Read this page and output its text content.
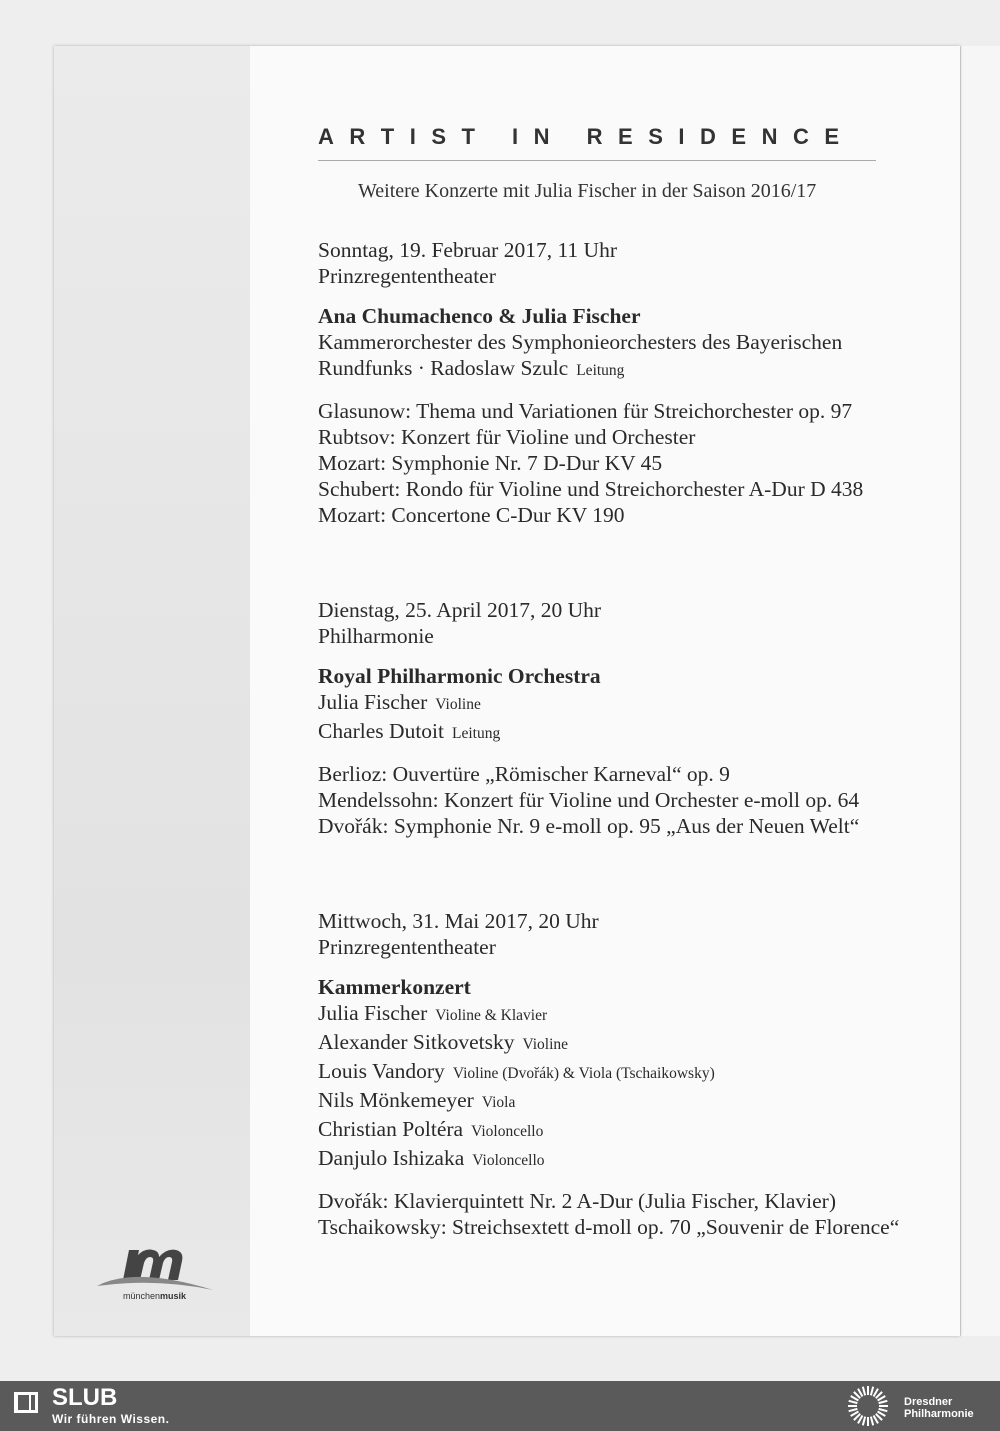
ARTIST IN RESIDENCE
Weitere Konzerte mit Julia Fischer in der Saison 2016/17

Sonntag, 19. Februar 2017, 11 Uhr

Prinzregententheater

Ana Chumachenco & Julia Fischer

Kammerorchester des Symphonieorchesters des Bayerischen

Rundfunks · Radoslaw Szulc Leitung

Glasunow: Thema und Variationen für Streichorchester op. 97

Rubtsov: Konzert für Violine und Orchester

Mozart: Symphonie Nr. 7 D-Dur KV 45

Schubert: Rondo für Violine und Streichorchester A-Dur D 438

Mozart: Concertone C-Dur KV 190

Dienstag, 25. April 2017, 20 Uhr

Philharmonie

Royal Philharmonic Orchestra

Julia Fischer Violine

Charles Dutoit Leitung

Berlioz: Ouvertüre „Römischer Karneval“ op. 9

Mendelssohn: Konzert für Violine und Orchester e-moll op. 64

Dvořák: Symphonie Nr. 9 e-moll op. 95 „Aus der Neuen Welt“

Mittwoch, 31. Mai 2017, 20 Uhr

Prinzregententheater

Kammerkonzert

Julia Fischer Violine & Klavier

Alexander Sitkovetsky Violine

Louis Vandory Violine (Dvořák) & Viola (Tschaikowsky)

Nils Mönkemeyer Viola

Christian Poltéra Violoncello

Danjulo Ishizaka Violoncello

Dvořák: Klavierquintett Nr. 2 A-Dur (Julia Fischer, Klavier)

Tschaikowsky: Streichsextett d-moll op. 70 „Souvenir de Florence“

münchenmusik
SLUB
Wir führen Wissen.
Dresdner
Philharmonie
